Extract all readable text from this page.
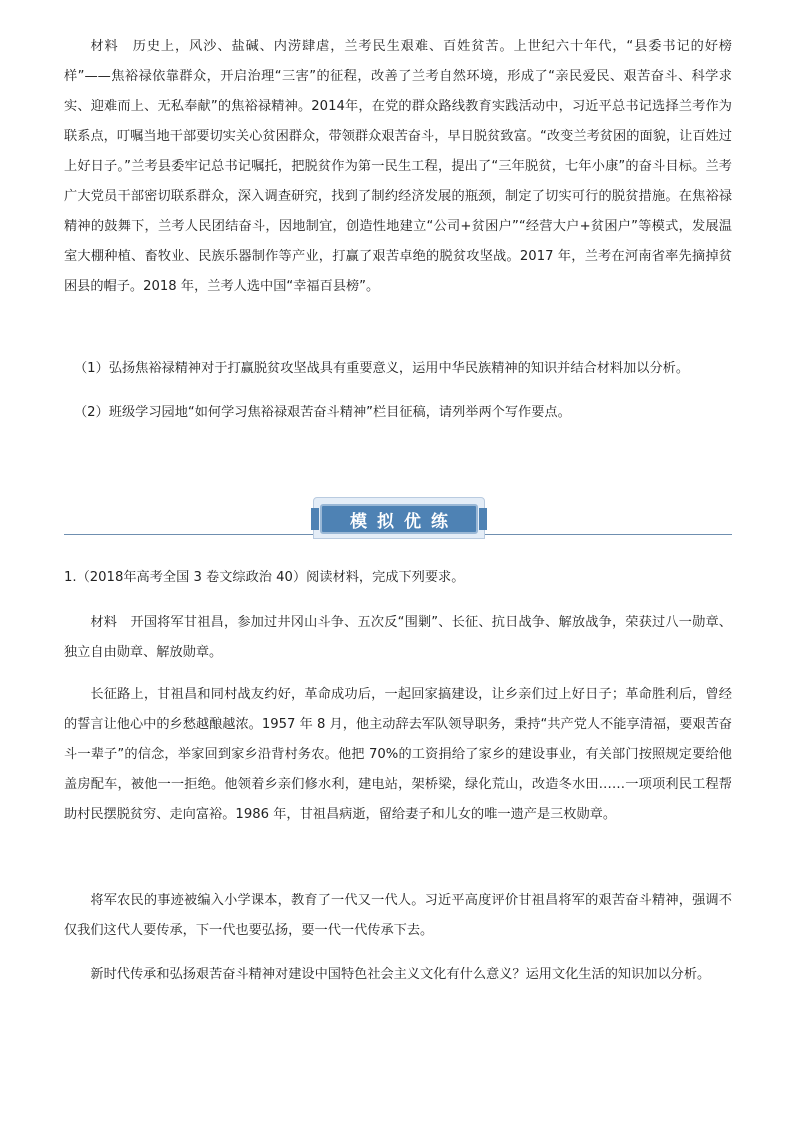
材料　历史上，风沙、盐碱、内涝肆虐，兰考民生艰难、百姓贫苦。上世纪六十年代，“县委书记的好榜样”——焦裕禄依靠群众，开启治理“三害”的征程，改善了兰考自然环境，形成了“亲民爱民、艰苦奋斗、科学求实、迎难而上、无私奉献”的焦裕禄精神。2014年，在党的群众路线教育实践活动中，习近平总书记选择兰考作为联系点，叮嘱当地干部要切实关心贫困群众，带领群众艰苦奋斗，早日脱贫致富。“改变兰考贫困的面貌，让百姓过上好日子。”兰考县委牢记总书记嘱托，把脱贫作为第一民生工程，提出了“三年脱贫，七年小康”的奋斗目标。兰考广大党员干部密切联系群众，深入调查研究，找到了制约经济发展的瓶颈，制定了切实可行的脱贫措施。在焦裕禄精神的鼓舞下，兰考人民团结奋斗，因地制宜，创造性地建立“公司+贫困户”“经营大户+贫困户”等模式，发展温室大棚种植、畜牧业、民族乐器制作等产业，打赢了艰苦卓绝的脱贫攻坚战。2017 年，兰考在河南省率先摘掉贫困县的帽子。2018 年，兰考人选中国“幸福百县榜”。

（1）弘扬焦裕禄精神对于打赢脱贫攻坚战具有重要意义，运用中华民族精神的知识并结合材料加以分析。

（2）班级学习园地“如何学习焦裕禄艰苦奋斗精神”栏目征稿，请列举两个写作要点。

模拟优练

1.（2018年高考全国 3 卷文综政治 40）阅读材料，完成下列要求。

材料　开国将军甘祖昌，参加过井冈山斗争、五次反“围剿”、长征、抗日战争、解放战争，荣获过八一勋章、独立自由勋章、解放勋章。

长征路上，甘祖昌和同村战友约好，革命成功后，一起回家搞建设，让乡亲们过上好日子；革命胜利后，曾经的誓言让他心中的乡愁越酿越浓。1957 年 8 月，他主动辞去军队领导职务，秉持“共产党人不能享清福，要艰苦奋斗一辈子”的信念，举家回到家乡沿背村务农。他把 70%的工资捐给了家乡的建设事业，有关部门按照规定要给他盖房配车，被他一一拒绝。他领着乡亲们修水利，建电站，架桥梁，绿化荒山，改造冬水田……一项项利民工程帮助村民摆脱贫穷、走向富裕。1986 年，甘祖昌病逝，留给妻子和儿女的唯一遗产是三枚勋章。

将军农民的事迹被编入小学课本，教育了一代又一代人。习近平高度评价甘祖昌将军的艰苦奋斗精神，强调不仅我们这代人要传承，下一代也要弘扬，要一代一代传承下去。

新时代传承和弘扬艰苦奋斗精神对建设中国特色社会主义文化有什么意义？运用文化生活的知识加以分析。
